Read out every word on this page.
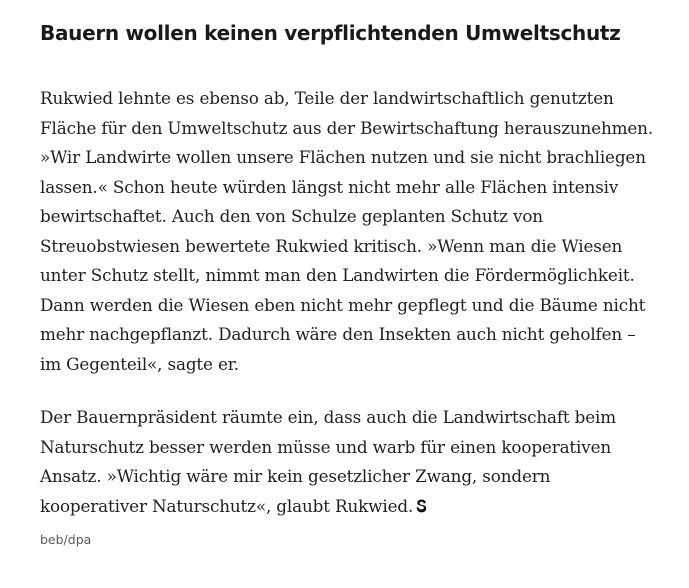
Bauern wollen keinen verpflichtenden Umweltschutz

Rukwied lehnte es ebenso ab, Teile der landwirtschaftlich genutzten Fläche für den Umweltschutz aus der Bewirtschaftung herauszunehmen. »Wir Landwirte wollen unsere Flächen nutzen und sie nicht brachliegen lassen.« Schon heute würden längst nicht mehr alle Flächen intensiv bewirtschaftet. Auch den von Schulze geplanten Schutz von Streuobstwiesen bewertete Rukwied kritisch. »Wenn man die Wiesen unter Schutz stellt, nimmt man den Landwirten die Fördermöglichkeit. Dann werden die Wiesen eben nicht mehr gepflegt und die Bäume nicht mehr nachgepflanzt. Dadurch wäre den Insekten auch nicht geholfen – im Gegenteil«, sagte er.

Der Bauernpräsident räumte ein, dass auch die Landwirtschaft beim Naturschutz besser werden müsse und warb für einen kooperativen Ansatz. »Wichtig wäre mir kein gesetzlicher Zwang, sondern kooperativer Naturschutz«, glaubt Rukwied.

beb/dpa
